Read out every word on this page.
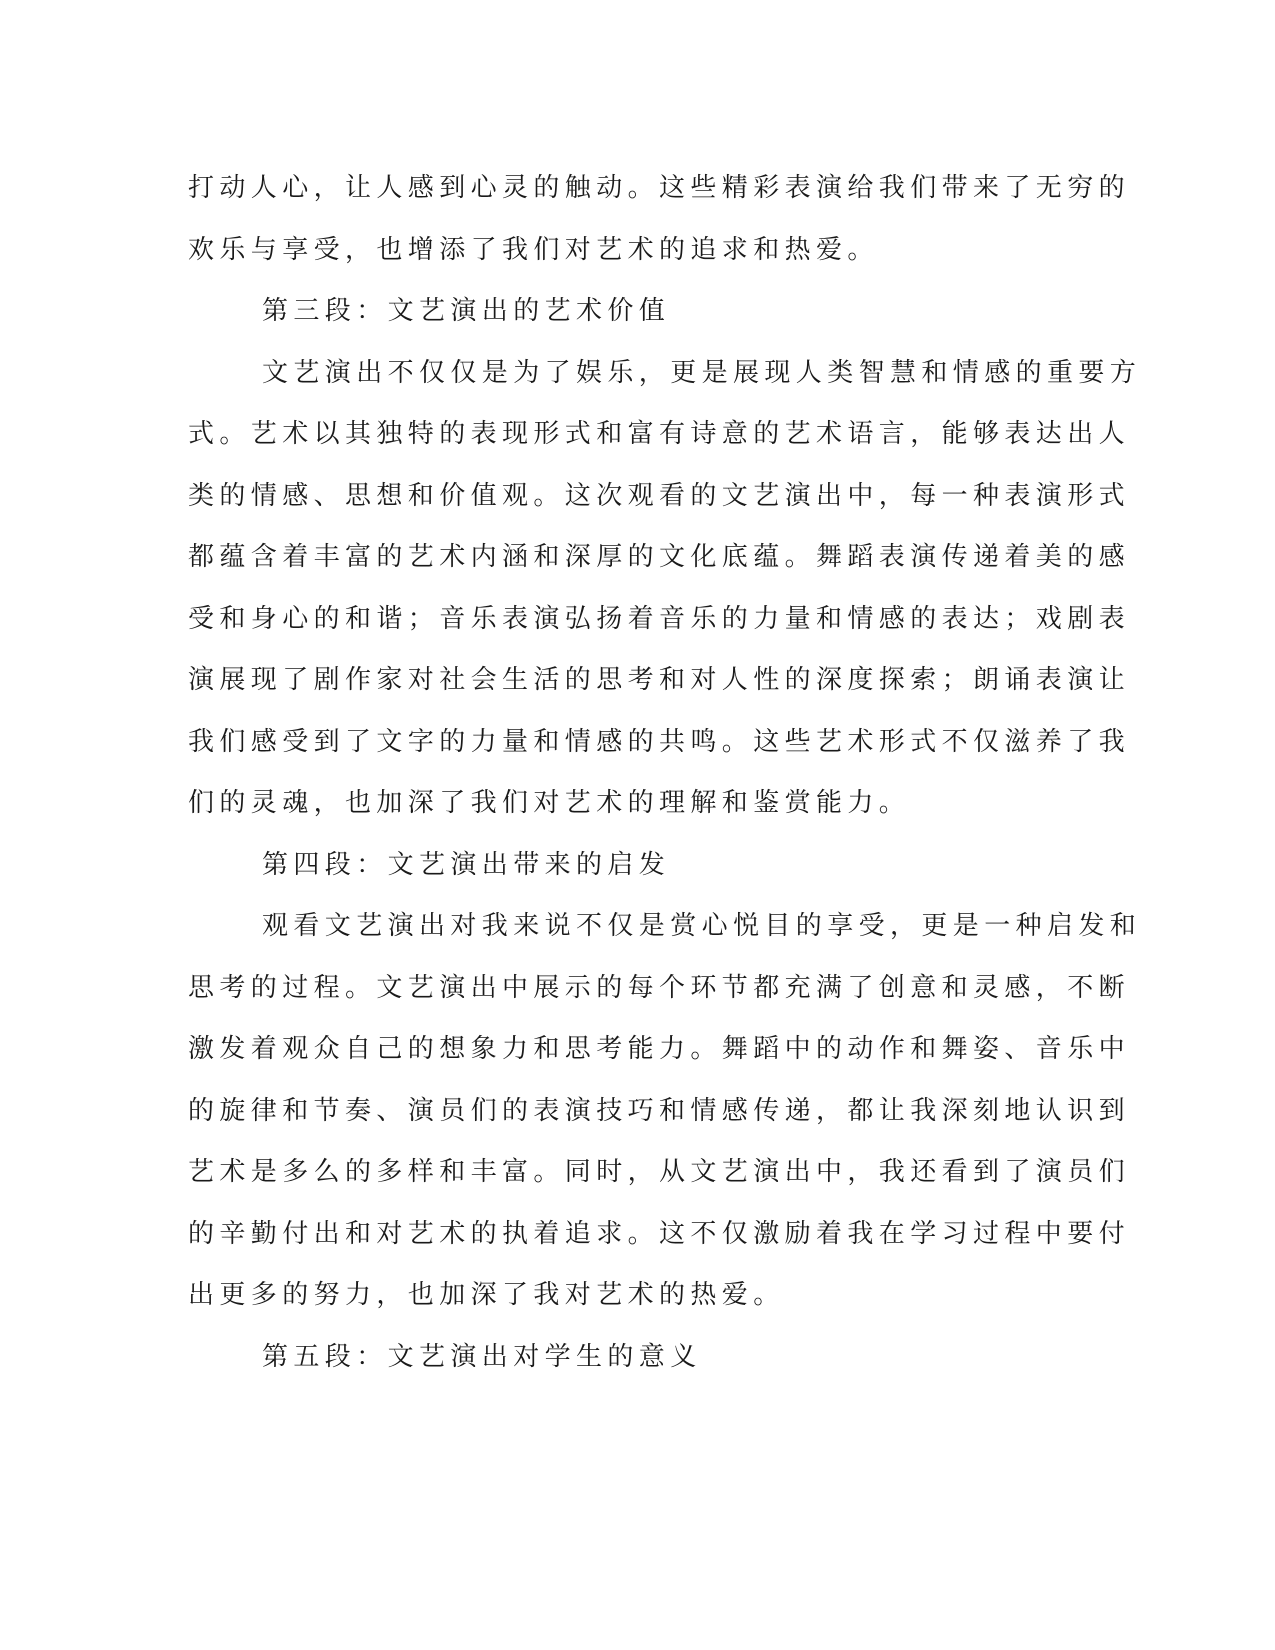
打动人心，让人感到心灵的触动。这些精彩表演给我们带来了无穷的
欢乐与享受，也增添了我们对艺术的追求和热爱。
第三段：文艺演出的艺术价值
文艺演出不仅仅是为了娱乐，更是展现人类智慧和情感的重要方
式。艺术以其独特的表现形式和富有诗意的艺术语言，能够表达出人
类的情感、思想和价值观。这次观看的文艺演出中，每一种表演形式
都蕴含着丰富的艺术内涵和深厚的文化底蕴。舞蹈表演传递着美的感
受和身心的和谐；音乐表演弘扬着音乐的力量和情感的表达；戏剧表
演展现了剧作家对社会生活的思考和对人性的深度探索；朗诵表演让
我们感受到了文字的力量和情感的共鸣。这些艺术形式不仅滋养了我
们的灵魂，也加深了我们对艺术的理解和鉴赏能力。
第四段：文艺演出带来的启发
观看文艺演出对我来说不仅是赏心悦目的享受，更是一种启发和
思考的过程。文艺演出中展示的每个环节都充满了创意和灵感，不断
激发着观众自己的想象力和思考能力。舞蹈中的动作和舞姿、音乐中
的旋律和节奏、演员们的表演技巧和情感传递，都让我深刻地认识到
艺术是多么的多样和丰富。同时，从文艺演出中，我还看到了演员们
的辛勤付出和对艺术的执着追求。这不仅激励着我在学习过程中要付
出更多的努力，也加深了我对艺术的热爱。
第五段：文艺演出对学生的意义
